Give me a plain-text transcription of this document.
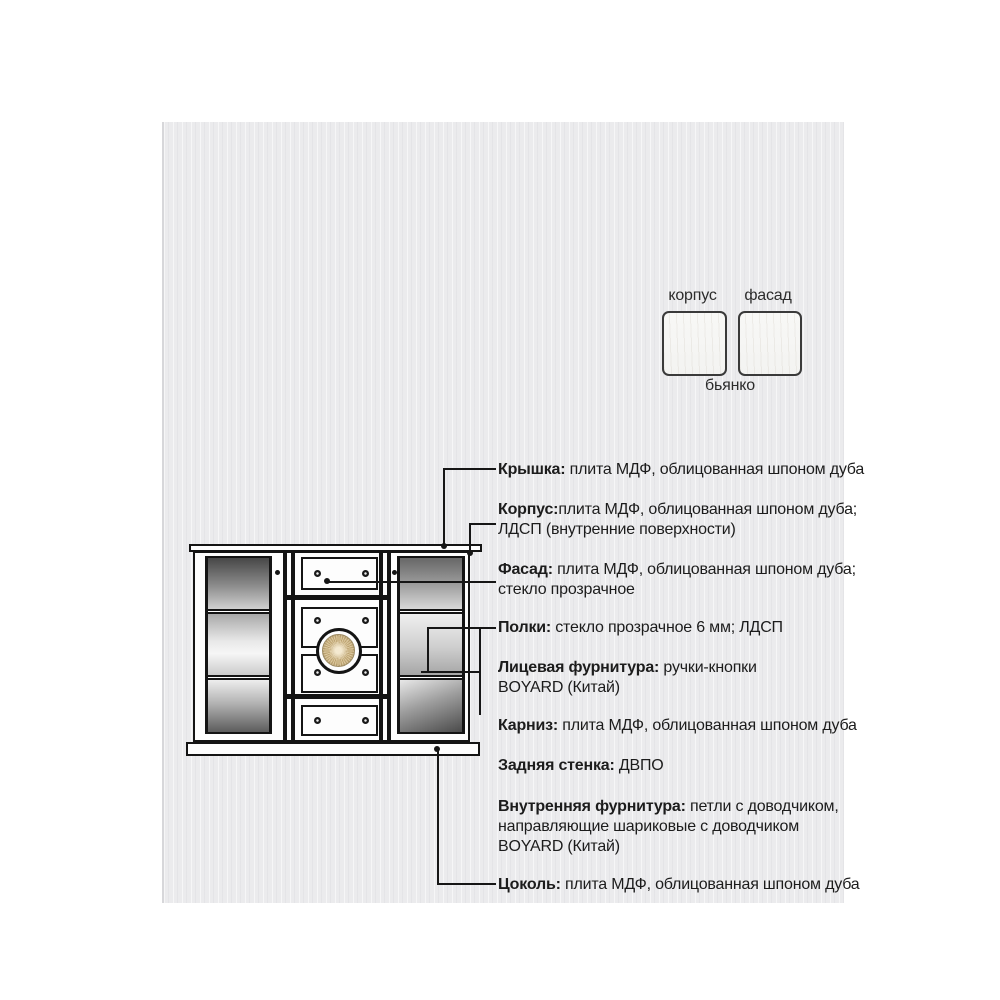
корпус	фасад
бьянко
Крышка: плита МДФ, облицованная шпоном дуба
Корпус:плита МДФ, облицованная шпоном дуба;
ЛДСП (внутренние поверхности)
Фасад: плита МДФ, облицованная шпоном дуба;
стекло прозрачное
Полки: стекло прозрачное 6 мм; ЛДСП
Лицевая фурнитура: ручки-кнопки
BOYARD (Китай)
Карниз: плита МДФ, облицованная шпоном дуба
Задняя стенка: ДВПО
Внутренняя фурнитура: петли с доводчиком,
направляющие шариковые с доводчиком
BOYARD (Китай)
Цоколь: плита МДФ, облицованная шпоном дуба
